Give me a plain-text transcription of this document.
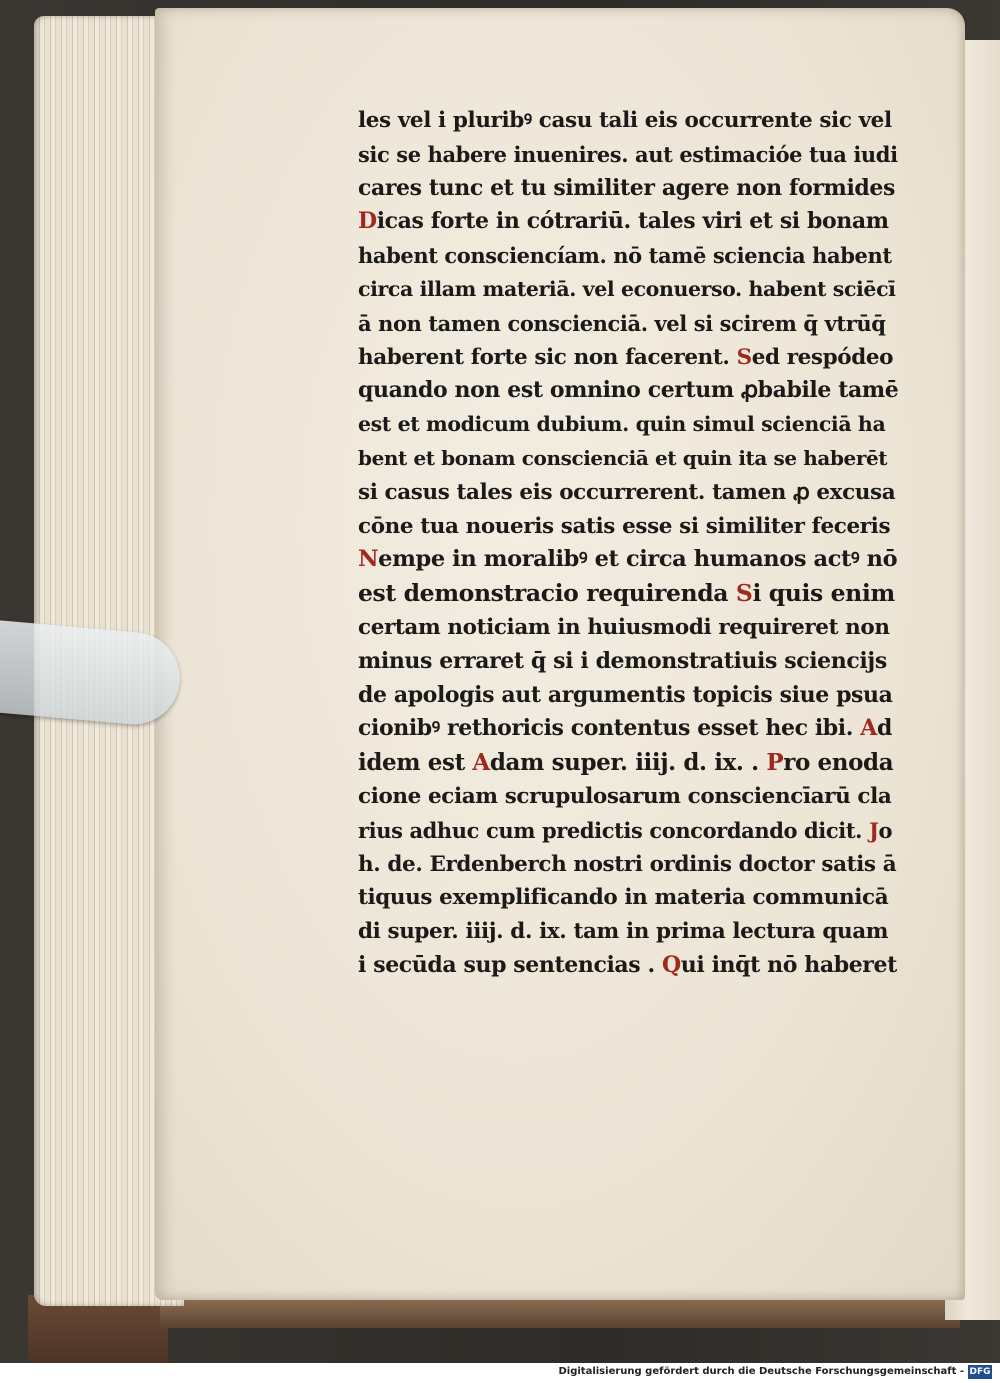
les vel i pluribꝰ casu tali eis occurrente sic vel
sic se habere inuenires. aut estimacióe tua iudi
cares tunc et tu similiter agere non formides
Dicas forte in cótrariū. tales viri et si bonam
habent consciencíam. nō tamē sciencia habent
circa illam materiā. vel econuerso. habent sciēcī
ā non tamen conscienciā. vel si scirem q̄ vtrūq̄
haberent forte sic non facerent. Sed respódeo
quando non est omnino certum ꝓbabile tamē
est et modicum dubium. quin simul scienciā ha
bent et bonam conscienciā et quin ita se haberēt
si casus tales eis occurrerent. tamen ꝓ excusa
cōne tua noueris satis esse si similiter feceris
Nempe in moralibꝰ et circa humanos actꝰ nō
est demonstracio requirenda Si quis enim
certam noticiam in huiusmodi requireret non
minus erraret q̄ si i demonstratiuis sciencijs
de apologis aut argumentis topicis siue psua
cionibꝰ rethoricis contentus esset hec ibi. Ad
idem est Adam super. iiij. d. ix. . Pro enoda
cione eciam scrupulosarum consciencīarū cla
rius adhuc cum predictis concordando dicit. Jo
h. de. Erdenberch nostri ordinis doctor satis ā
tiquus exemplificando in materia communicā
di super. iiij. d. ix. tam in prima lectura quam
i secūda sup sentencias . Qui inq̄t nō haberet
Digitalisierung gefördert durch die Deutsche Forschungsgemeinschaft - DFG
